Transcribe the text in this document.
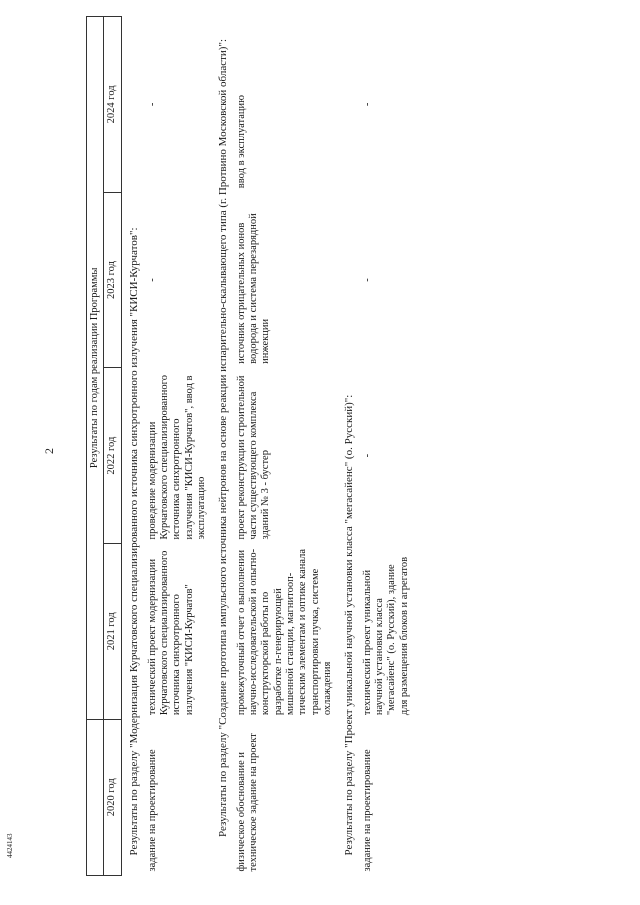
4424143
2
		Результаты по годам реализации Программы			
2020 год	2021 год	2022 год	2023 год	2024 год
Результаты по разделу "Модернизация Курчатовского специализированного источника синхротронного излучения "КИСИ-Курчатов":				
задание на проектирование	технический проект модернизации Курчатовского специализированного источника синхротронного излучения "КИСИ-Курчатов"	проведение модернизации Курчатовского специализированного источника синхротронного излучения "КИСИ-Курчатов", ввод в эксплуатацию	-	-
Результаты по разделу "Создание прототипа импульсного источника нейтронов на основе реакции испарительно-скалывающего типа (г. Протвино Московской области)":				
физическое обоснование и техническое задание на проект	промежуточный отчет о выполнении научно-исследовательской и опытно-конструкторской работы по разработке п-генерирующей мишенной станции, магнитооп-тическим элементам и оптике канала транспортировки пучка, системе охлаждения	проект реконструкции строительной части существующего комплекса зданий № 3 - бустер	источник отрицательных ионов водорода и система перезарядной инжекции	ввод в эксплуатацию
Результаты по разделу "Проект уникальной научной установки класса "мегасайенс" (о. Русский)":				
задание на проектирование	технический проект уникальной научной установки класса "мегасайенс" (о. Русский), здание для размещения блоков и агрегатов	-	-	-
